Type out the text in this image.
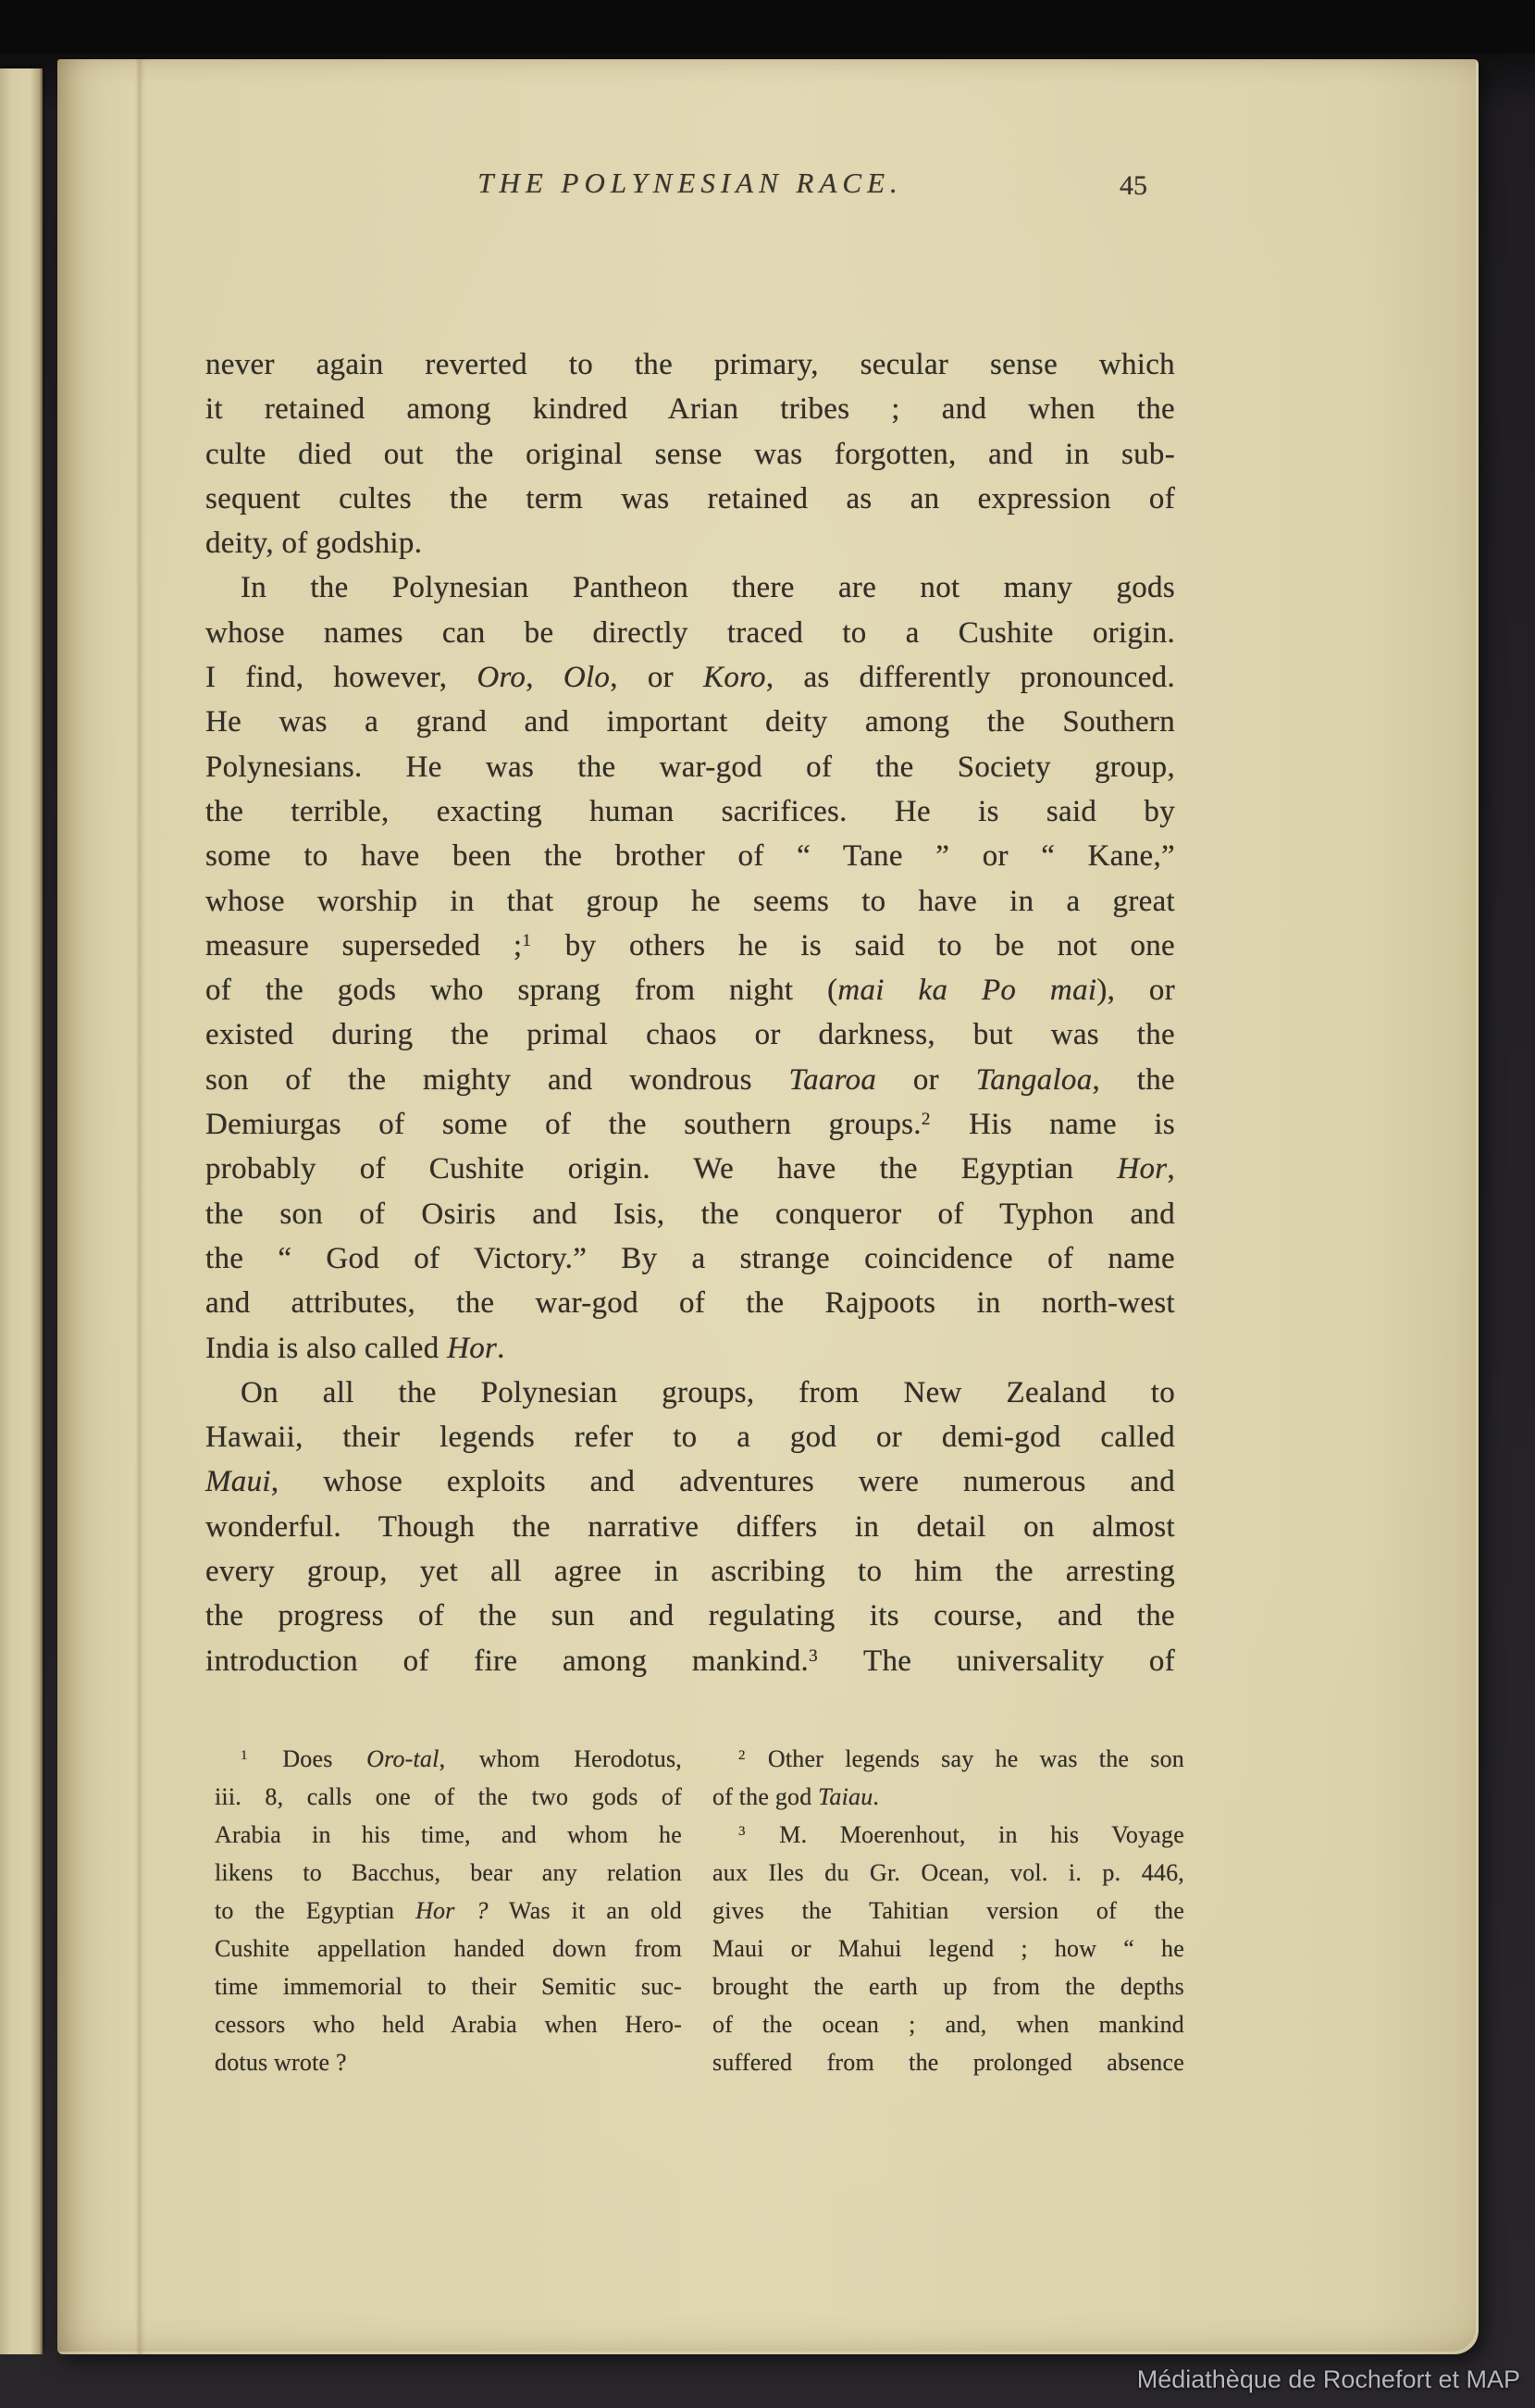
THE POLYNESIAN RACE.	45
never again reverted to the primary, secular sense which
it retained among kindred Arian tribes ; and when the
culte died out the original sense was forgotten, and in sub-
sequent cultes the term was retained as an expression of
deity, of godship.
In the Polynesian Pantheon there are not many gods
whose names can be directly traced to a Cushite origin.
I find, however, Oro, Olo, or Koro, as differently pronounced.
He was a grand and important deity among the Southern
Polynesians. He was the war-god of the Society group,
the terrible, exacting human sacrifices. He is said by
some to have been the brother of “ Tane ” or “ Kane,”
whose worship in that group he seems to have in a great
measure superseded ;$^1$ by others he is said to be not one
of the gods who sprang from night (mai ka Po mai), or
existed during the primal chaos or darkness, but was the
son of the mighty and wondrous Taaroa or Tangaloa, the
Demiurgas of some of the southern groups.$^2$ His name is
probably of Cushite origin. We have the Egyptian Hor,
the son of Osiris and Isis, the conqueror of Typhon and
the “ God of Victory.” By a strange coincidence of name
and attributes, the war-god of the Rajpoots in north-west
India is also called Hor.
On all the Polynesian groups, from New Zealand to
Hawaii, their legends refer to a god or demi-god called
Maui, whose exploits and adventures were numerous and
wonderful. Though the narrative differs in detail on almost
every group, yet all agree in ascribing to him the arresting
the progress of the sun and regulating its course, and the
introduction of fire among mankind.$^3$ The universality of
$^1$ Does Oro-tal, whom Herodotus,
iii. 8, calls one of the two gods of
Arabia in his time, and whom he
likens to Bacchus, bear any relation
to the Egyptian Hor ? Was it an old
Cushite appellation handed down from
time immemorial to their Semitic suc-
cessors who held Arabia when Hero-
dotus wrote ?
$^2$ Other legends say he was the son
of the god Taiau.
$^3$ M. Moerenhout, in his Voyage
aux Iles du Gr. Ocean, vol. i. p. 446,
gives the Tahitian version of the
Maui or Mahui legend ; how “ he
brought the earth up from the depths
of the ocean ; and, when mankind
suffered from the prolonged absence
Médiathèque de Rochefort et MAP
